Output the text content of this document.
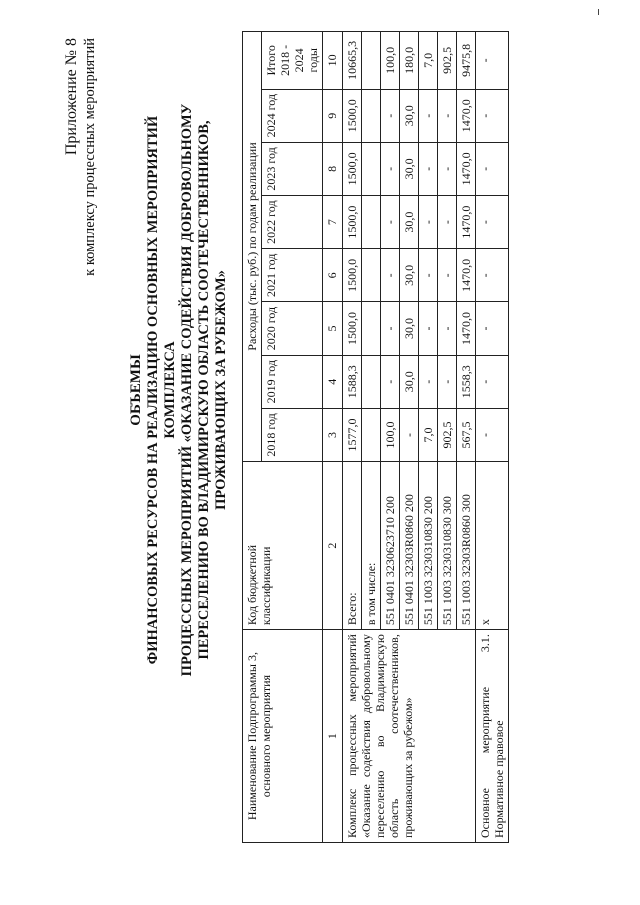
Приложение № 8 к комплексу процессных мероприятий
ОБЪЕМЫ ФИНАНСОВЫХ РЕСУРСОВ НА РЕАЛИЗАЦИЮ ОСНОВНЫХ МЕРОПРИЯТИЙ КОМПЛЕКСА ПРОЦЕССНЫХ МЕРОПРИЯТИЙ «ОКАЗАНИЕ СОДЕЙСТВИЯ ДОБРОВОЛЬНОМУ ПЕРЕСЕЛЕНИЮ ВО ВЛАДИМИРСКУЮ ОБЛАСТЬ СООТЕЧЕСТВЕННИКОВ, ПРОЖИВАЮЩИХ ЗА РУБЕЖОМ»
Наименование Подпрограммы 3, основного мероприятия	Код бюджетной классификации	Расходы (тыс. руб.) по годам реализации							
		2018 год	2019 год	2020 год	2021 год	2022 год	2023 год	2024 год	Итого 2018 - 2024 годы
1	2	3	4	5	6	7	8	9	10
Комплекс процессных мероприятий «Оказание содействия добровольному переселению во Владимирскую область соотечественников, проживающих за рубежом»	Всего:	1577,0	1588,3	1500,0	1500,0	1500,0	1500,0	1500,0	10665,3
	в том числе:								
	551 0401 3230623710 200	100,0	-	-	-	-	-	-	100,0
	551 0401 32303R0860 200	-	30,0	30,0	30,0	30,0	30,0	30,0	180,0
	551 1003 3230310830 200	7,0	-	-	-	-	-	-	7,0
	551 1003 3230310830 300	902,5	-	-	-	-	-	-	902,5
	551 1003 32303R0860 300	567,5	1558,3	1470,0	1470,0	1470,0	1470,0	1470,0	9475,8
Основное мероприятие 3.1. Нормативное правовое	x	-	-	-	-	-	-	-	-
